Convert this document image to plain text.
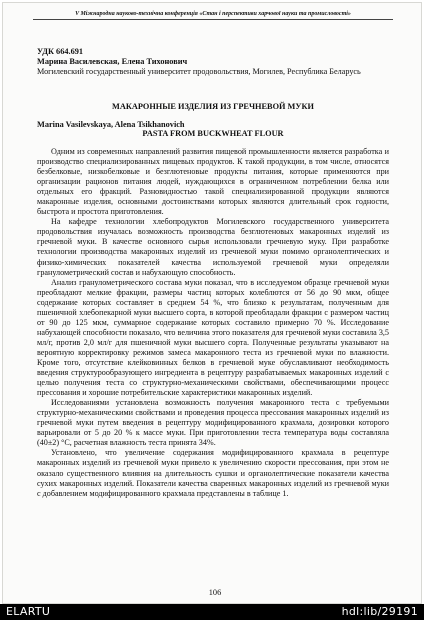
V Міжнародна науково-технічна конференція «Стан і перспективи харчової науки та промисловості»
УДК 664.691
Марина Василевская, Елена Тихонович
Могилевский государственный университет продовольствия, Могилев, Республика Беларусь
МАКАРОННЫЕ ИЗДЕЛИЯ ИЗ ГРЕЧНЕВОЙ МУКИ
Marina Vasilevskaya, Alena Tsikhanovich
PASTA FROM BUCKWHEAT FLOUR

Одним из современных направлений развития пищевой промышленности является разработка и производство специализированных пищевых продуктов. К такой продукции, в том числе, относятся безбелковые, низкобелковые и безглютеновые продукты питания, которые применяются при организации рационов питания людей, нуждающихся в ограниченном потреблении белка или отдельных его фракций. Разновидностью такой специализированной продукции являются макаронные изделия, основными достоинствами которых являются длительный срок годности, быстрота и простота приготовления.

На кафедре технологии хлебопродуктов Могилевского государственного университета продовольствия изучалась возможность производства безглютеновых макаронных изделий из гречневой муки. В качестве основного сырья использовали гречневую муку. При разработке технологии производства макаронных изделий из гречневой муки помимо органолептических и физико-химических показателей качества используемой гречневой муки определяли гранулометрический состав и набухающую способность.

Анализ гранулометрического состава муки показал, что в исследуемом образце гречневой муки преобладают мелкие фракции, размеры частиц которых колеблются от 56 до 90 мкм, общее содержание которых составляет в среднем 54 %, что близко к результатам, полученным для пшеничной хлебопекарной муки высшего сорта, в которой преобладали фракции с размером частиц от 90 до 125 мкм, суммарное содержание которых составило примерно 70 %. Исследование набухающей способности показало, что величина этого показателя для гречневой муки составила 3,5 мл/г, против 2,0 мл/г для пшеничной муки высшего сорта. Полученные результаты указывают на вероятную корректировку режимов замеса макаронного теста из гречневой муки по влажности. Кроме того, отсутствие клейковинных белков в гречневой муке обуславливают необходимость введения структурообразующего ингредиента в рецептуру разрабатываемых макаронных изделий с целью получения теста со структурно-механическими свойствами, обеспечивающими процесс прессования и хорошие потребительские характеристики макаронных изделий.

Исследованиями установлена возможность получения макаронного теста с требуемыми структурно-механическими свойствами и проведения процесса прессования макаронных изделий из гречневой муки путем введения в рецептуру модифицированного крахмала, дозировки которого варьировали от 5 до 20 % к массе муки. При приготовлении теста температура воды составляла (40±2) °С, расчетная влажность теста принята 34%.

Установлено, что увеличение содержания модифицированного крахмала в рецептуре макаронных изделий из гречневой муки привело к увеличению скорости прессования, при этом не оказало существенного влияния на длительность сушки и органолептические показатели качества сухих макаронных изделий. Показатели качества сваренных макаронных изделий из гречневой муки с добавлением модифицированного крахмала представлены в таблице 1.

106
ELARTU	hdl:lib/29191
